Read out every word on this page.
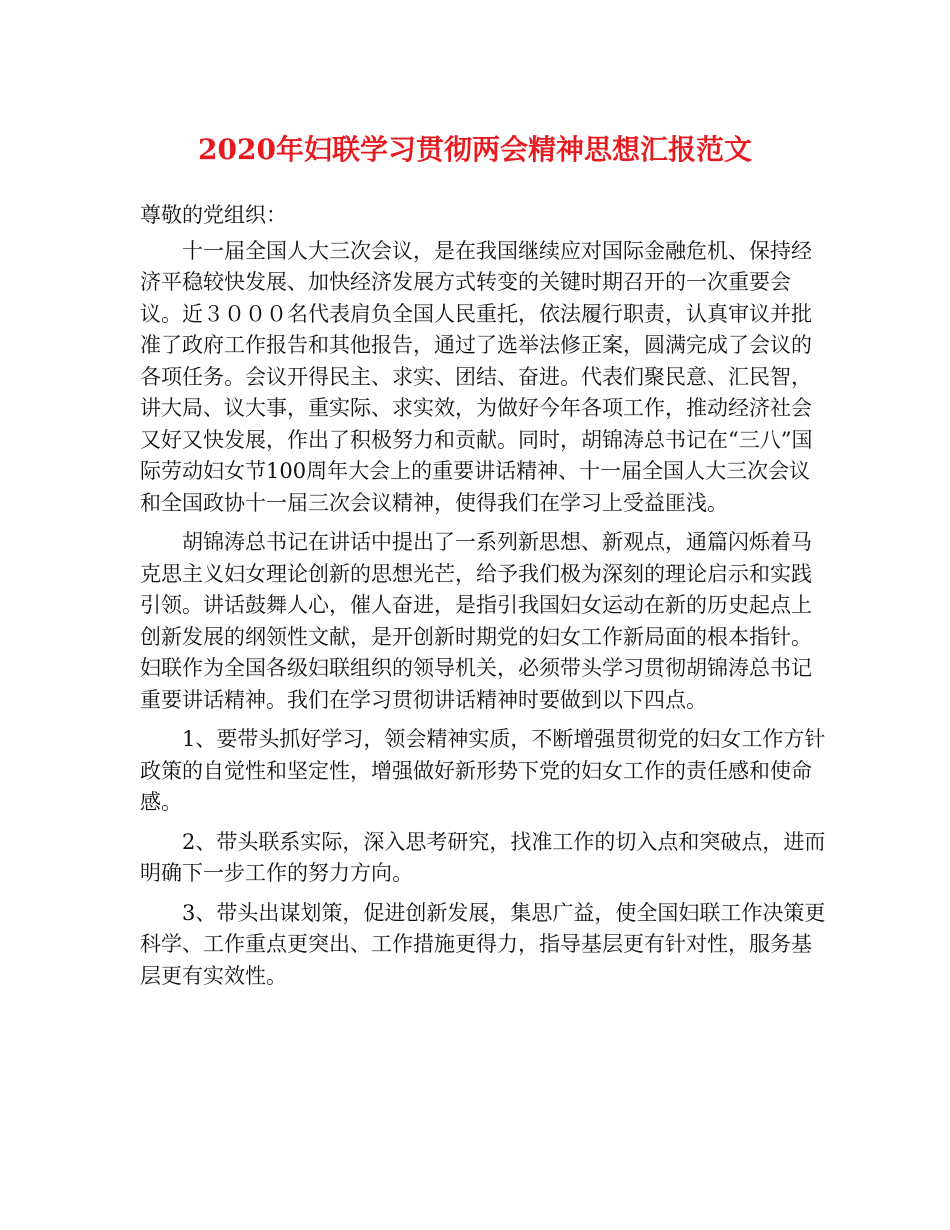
2020年妇联学习贯彻两会精神思想汇报范文

尊敬的党组织：

十一届全国人大三次会议，是在我国继续应对国际金融危机、保持经济平稳较快发展、加快经济发展方式转变的关键时期召开的一次重要会议。近３０００名代表肩负全国人民重托，依法履行职责，认真审议并批准了政府工作报告和其他报告，通过了选举法修正案，圆满完成了会议的各项任务。会议开得民主、求实、团结、奋进。代表们聚民意、汇民智，讲大局、议大事，重实际、求实效，为做好今年各项工作，推动经济社会又好又快发展，作出了积极努力和贡献。同时，胡锦涛总书记在“三八”国际劳动妇女节100周年大会上的重要讲话精神、十一届全国人大三次会议和全国政协十一届三次会议精神，使得我们在学习上受益匪浅。

胡锦涛总书记在讲话中提出了一系列新思想、新观点，通篇闪烁着马克思主义妇女理论创新的思想光芒，给予我们极为深刻的理论启示和实践引领。讲话鼓舞人心，催人奋进，是指引我国妇女运动在新的历史起点上创新发展的纲领性文献，是开创新时期党的妇女工作新局面的根本指针。妇联作为全国各级妇联组织的领导机关，必须带头学习贯彻胡锦涛总书记重要讲话精神。我们在学习贯彻讲话精神时要做到以下四点。

1、要带头抓好学习，领会精神实质，不断增强贯彻党的妇女工作方针政策的自觉性和坚定性，增强做好新形势下党的妇女工作的责任感和使命感。

2、带头联系实际，深入思考研究，找准工作的切入点和突破点，进而明确下一步工作的努力方向。

3、带头出谋划策，促进创新发展，集思广益，使全国妇联工作决策更科学、工作重点更突出、工作措施更得力，指导基层更有针对性，服务基层更有实效性。
